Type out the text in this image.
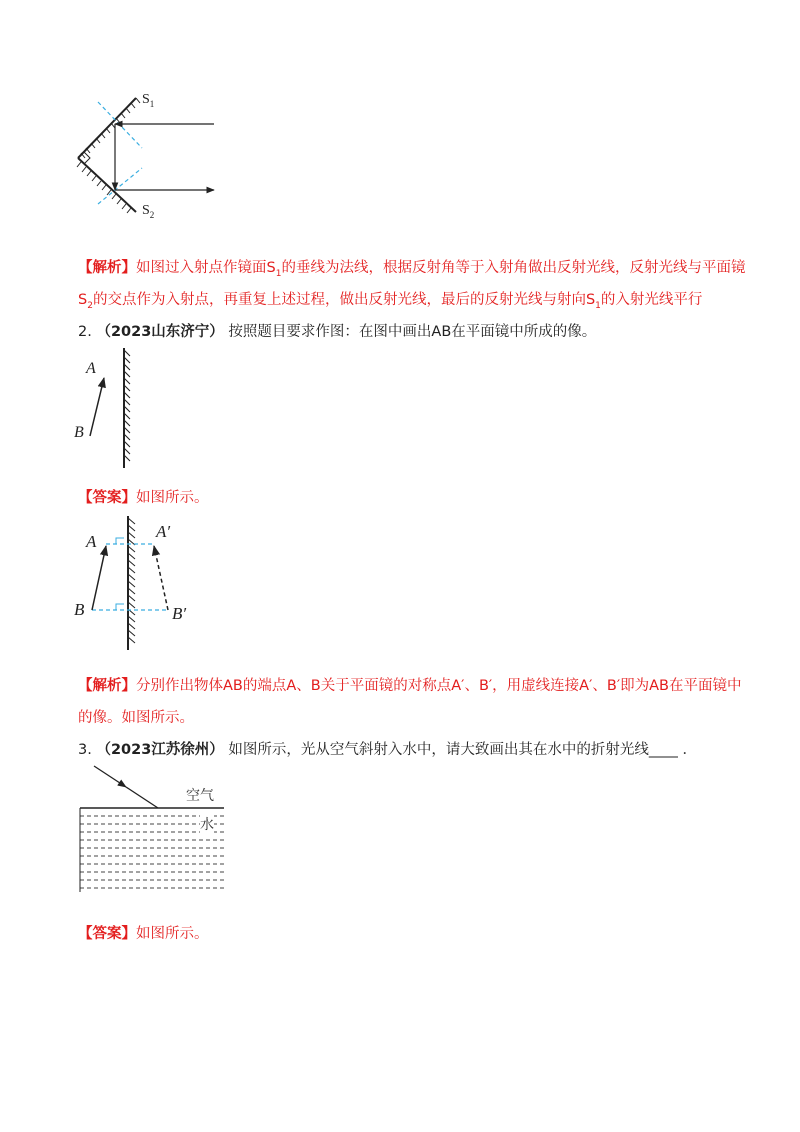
$S_1$
$S_2$
【解析】如图过入射点作镜面$S_1$的垂线为法线，根据反射角等于入射角做出反射光线，反射光线与平面镜
$S_2$的交点作为入射点，再重复上述过程，做出反射光线，最后的反射光线与射向$S_1$的入射光线平行
2. （2023山东济宁） 按照题目要求作图：在图中画出AB在平面镜中所成的像。
A
B
【答案】如图所示。
A
B
A′
B′
【解析】分别作出物体AB的端点A、B关于平面镜的对称点A′、B′，用虚线连接A′、B′即为AB在平面镜中
的像。如图所示。
3. （2023江苏徐州） 如图所示，光从空气斜射入水中，请大致画出其在水中的折射光线____ ．
空气
水
【答案】如图所示。
